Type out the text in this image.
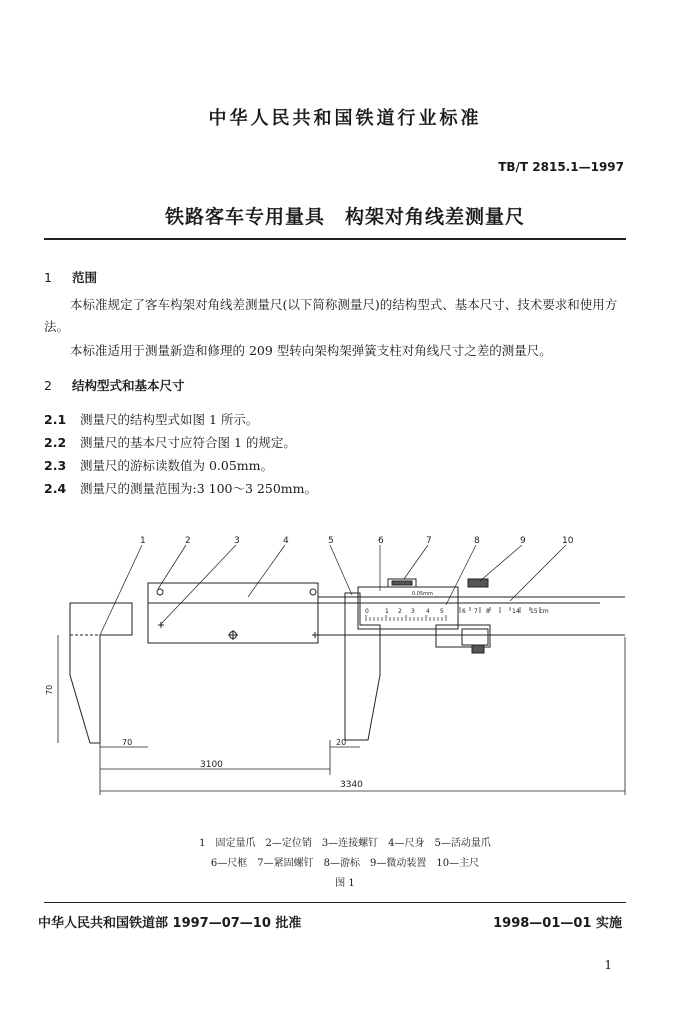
中华人民共和国铁道行业标准
TB/T 2815.1—1997
铁路客车专用量具　构架对角线差测量尺
1 范围
本标准规定了客车构架对角线差测量尺(以下简称测量尺)的结构型式、基本尺寸、技术要求和使用方法。
本标准适用于测量新造和修理的 209 型转向架构架弹簧支柱对角线尺寸之差的测量尺。
2 结构型式和基本尺寸
2.1 测量尺的结构型式如图 1 所示。
2.2 测量尺的基本尺寸应符合图 1 的规定。
2.3 测量尺的游标读数值为 0.05mm。
2.4 测量尺的测量范围为:3 100～3 250mm。
1	2	3	4	5	6	7	8	9	10
0.05mm
0	1 2 3 4 5	6 7 8	14 15 cm
70
70	20
3100
3340
1　固定量爪　2—定位销　3—连接螺钉　4—尺身　5—活动量爪
6—尺框　7—紧固螺钉　8—游标　9—微动装置　10—主尺
图 1
中华人民共和国铁道部 1997—07—10 批准	1998—01—01 实施
1
